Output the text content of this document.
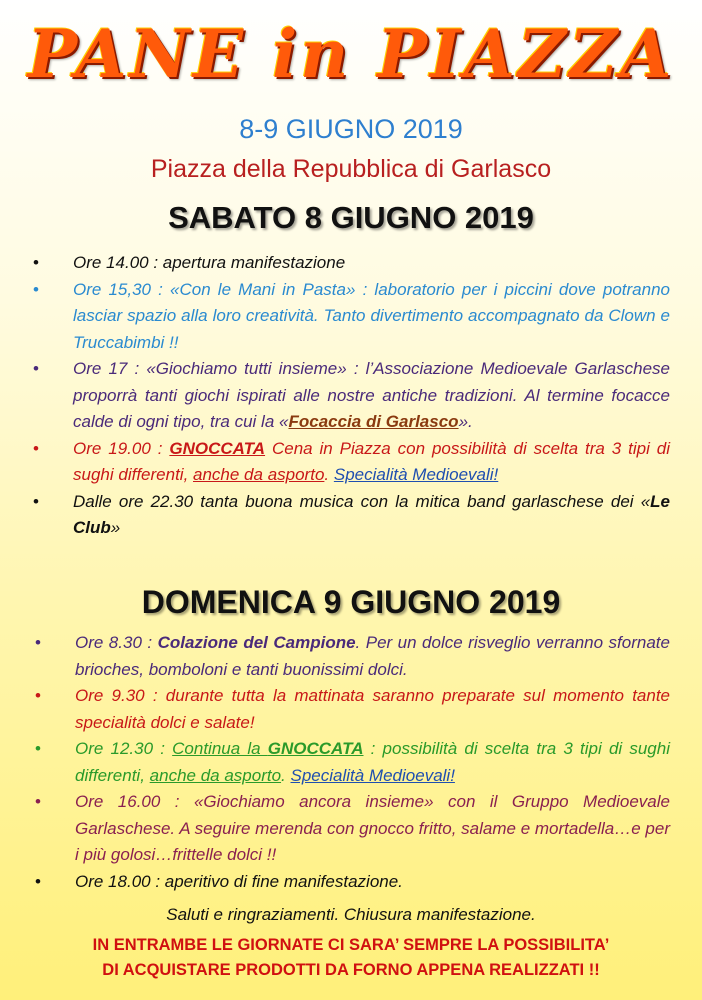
PANE in PIAZZA
8-9 GIUGNO 2019
Piazza della Repubblica di Garlasco
SABATO 8 GIUGNO 2019
• Ore 14.00 : apertura manifestazione
• Ore 15,30 : «Con le Mani in Pasta» : laboratorio per i piccini dove potranno lasciar spazio alla loro creatività. Tanto divertimento accompagnato da Clown e Truccabimbi !!
• Ore 17 : «Giochiamo tutti insieme» : l’Associazione Medioevale Garlaschese proporrà tanti giochi ispirati alle nostre antiche tradizioni. Al termine focacce calde di ogni tipo, tra cui la «Focaccia di Garlasco».
• Ore 19.00 : GNOCCATA Cena in Piazza con possibilità di scelta tra 3 tipi di sughi differenti, anche da asporto. Specialità Medioevali!
• Dalle ore 22.30 tanta buona musica con la mitica band garlaschese dei «Le Club»
DOMENICA 9 GIUGNO 2019
• Ore 8.30 : Colazione del Campione. Per un dolce risveglio verranno sfornate brioches, bomboloni e tanti buonissimi dolci.
• Ore 9.30 : durante tutta la mattinata saranno preparate sul momento tante specialità dolci e salate!
• Ore 12.30 : Continua la GNOCCATA : possibilità di scelta tra 3 tipi di sughi differenti, anche da asporto. Specialità Medioevali!
• Ore 16.00 : «Giochiamo ancora insieme» con il Gruppo Medioevale Garlaschese. A seguire merenda con gnocco fritto, salame e mortadella…e per i più golosi…frittelle dolci !!
• Ore 18.00 : aperitivo di fine manifestazione.
Saluti e ringraziamenti. Chiusura manifestazione.
IN ENTRAMBE LE GIORNATE CI SARA’ SEMPRE LA POSSIBILITA’
DI ACQUISTARE PRODOTTI DA FORNO APPENA REALIZZATI !!
